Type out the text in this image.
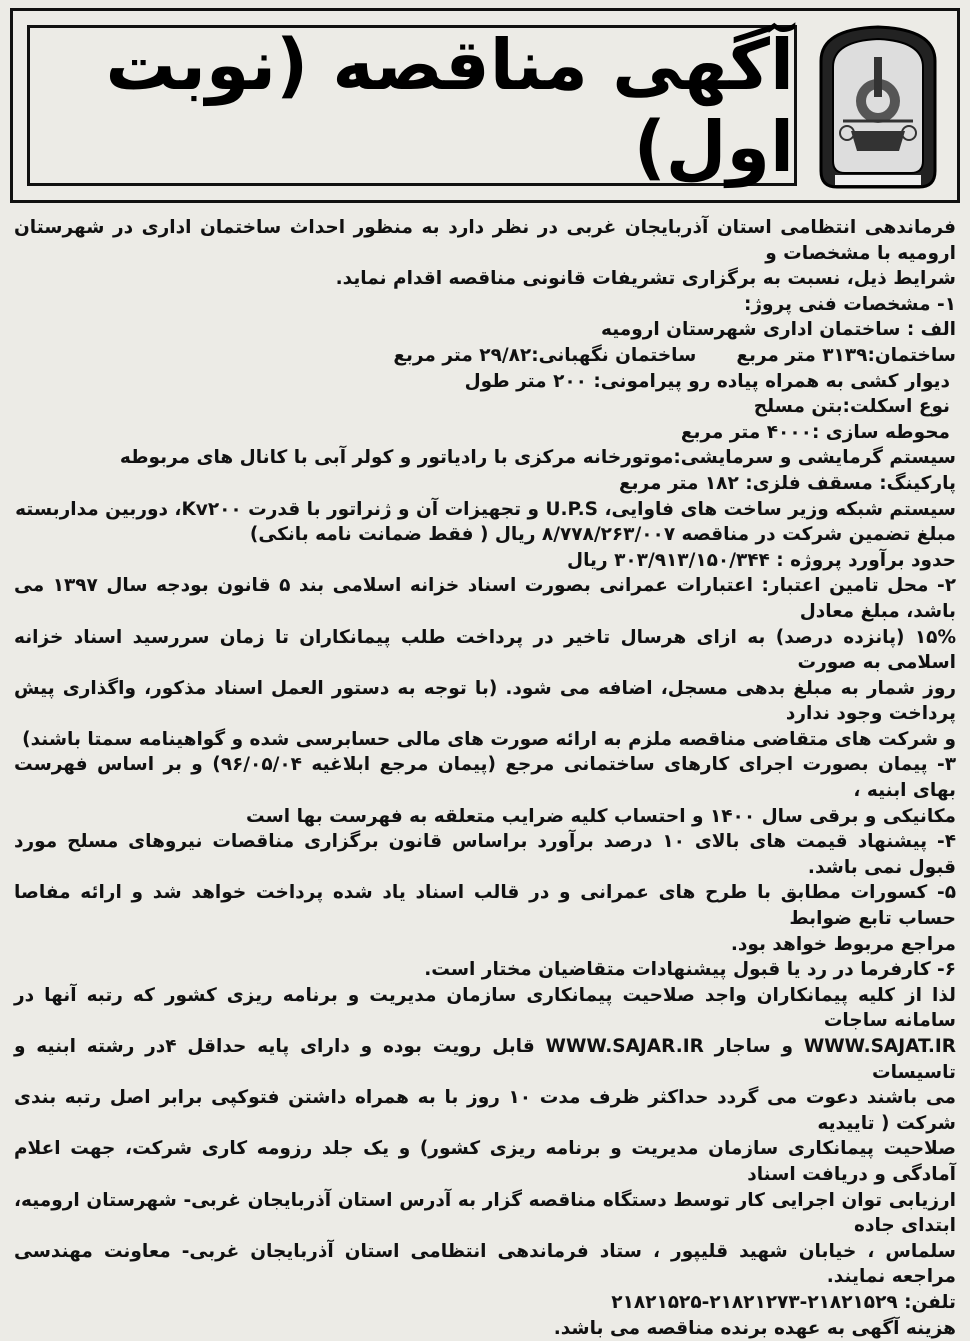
آگهی مناقصه (نوبت اول)

فرماندهی انتظامی استان آذربایجان غربی در نظر دارد به منظور احداث ساختمان اداری در شهرستان ارومیه با مشخصات و

شرایط ذیل، نسبت به برگزاری تشریفات قانونی مناقصه اقدام نماید.

۱- مشخصات فنی پروژ:

الف : ساختمان اداری شهرستان ارومیه

ساختمان:۳۱۳۹ متر مربع
ساختمان نگهبانی:۲۹/۸۲ متر مربع

دیوار کشی به همراه پیاده رو پیرامونی: ۲۰۰ متر طول

نوع اسکلت:بتن مسلح

محوطه سازی :۴۰۰۰ متر مربع

سیستم گرمایشی و سرمایشی:موتورخانه مرکزی با رادیاتور و کولر آبی با کانال های مربوطه

پارکینگ: مسقف فلزی: ۱۸۲ متر مربع

سیستم شبکه وزیر ساخت های فاوایی، U.P.S و تجهیزات آن و ژنراتور با قدرت Kv۲۰۰، دوربین مداربسته

مبلغ تضمین شرکت در مناقصه ۸/۷۷۸/۲۶۳/۰۰۷ ریال ( فقط ضمانت نامه بانکی)

حدود برآورد پروژه : ۳۰۳/۹۱۳/۱۵۰/۳۴۴ ریال

۲- محل تامین اعتبار: اعتبارات عمرانی بصورت اسناد خزانه اسلامی بند ۵ قانون بودجه سال ۱۳۹۷ می باشد، مبلغ معادل

۱۵% (پانزده درصد) به ازای هرسال تاخیر در پرداخت طلب پیمانکاران تا زمان سررسید اسناد خزانه اسلامی به صورت

روز شمار به مبلغ بدهی مسجل، اضافه می شود. (با توجه به دستور العمل اسناد مذکور، واگذاری پیش پرداخت وجود ندارد

و شرکت های متقاضی مناقصه ملزم به ارائه صورت های مالی حسابرسی شده و گواهینامه سمتا باشند)

۳- پیمان بصورت اجرای کارهای ساختمانی مرجع (پیمان مرجع ابلاغیه ۹۶/۰۵/۰۴) و بر اساس فهرست بهای ابنیه ،

مکانیکی و برقی سال ۱۴۰۰ و احتساب کلیه ضرایب متعلقه به فهرست بها است

۴- پیشنهاد قیمت های بالای ۱۰ درصد برآورد براساس قانون برگزاری مناقصات نیروهای مسلح مورد قبول نمی باشد.

۵- کسورات مطابق با طرح های عمرانی و در قالب اسناد یاد شده پرداخت خواهد شد و ارائه مفاصا حساب تابع ضوابط

مراجع مربوط خواهد بود.

۶- کارفرما در رد یا قبول پیشنهادات متقاضیان مختار است.

لذا از کلیه پیمانکاران واجد صلاحیت پیمانکاری سازمان مدیریت و برنامه ریزی کشور که رتبه آنها در سامانه ساجات

WWW.SAJAT.IR و ساجار WWW.SAJAR.IR قابل رویت بوده و دارای پایه حداقل ۴در رشته ابنیه و تاسیسات

می باشند دعوت می گردد حداکثر ظرف مدت ۱۰ روز با به همراه داشتن فتوکپی برابر اصل رتبه بندی شرکت ( تاییدیه

صلاحیت پیمانکاری سازمان مدیریت و برنامه ریزی کشور) و یک جلد رزومه کاری شرکت، جهت اعلام آمادگی و دریافت اسناد

ارزیابی توان اجرایی کار توسط دستگاه مناقصه گزار به آدرس استان آذربایجان غربی- شهرستان ارومیه، ابتدای جاده

سلماس ، خیابان شهید قلیپور ، ستاد فرماندهی انتظامی استان آذربایجان غربی- معاونت مهندسی مراجعه نمایند.

تلفن: ۲۱۸۲۱۵۲۹-۲۱۸۲۱۲۷۳-۲۱۸۲۱۵۲۵

هزینه آگهی به عهده برنده مناقصه می باشد.
